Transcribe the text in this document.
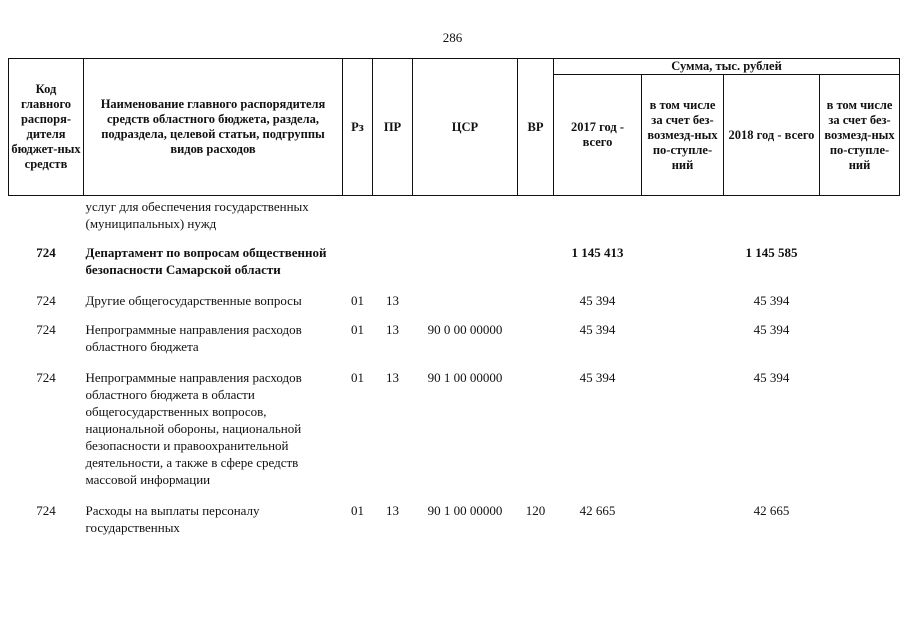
286
Код главного распоря-дителя бюджет-ных средств	Наименование главного распорядителя средств областного бюджета, раздела, подраздела, целевой статьи, подгруппы видов расходов	Рз	ПР	ЦСР	ВР	Сумма, тыс. рублей			
						2017 год - всего	в том числе за счет без-возмезд-ных по-ступле-ний	2018 год - всего	в том числе за счет без-возмезд-ных по-ступле-ний
	услуг для обеспечения государственных (муниципальных) нужд								
724	Департамент по вопросам общественной безопасности Самарской области					1 145 413		1 145 585	
724	Другие общегосударственные вопросы	01	13			45 394		45 394	
724	Непрограммные направления расходов областного бюджета	01	13	90 0 00 00000		45 394		45 394	
724	Непрограммные направления расходов областного бюджета в области общегосударственных вопросов, национальной обороны, национальной безопасности и правоохранительной деятельности, а также в сфере средств массовой информации	01	13	90 1 00 00000		45 394		45 394	
724	Расходы на выплаты персоналу государственных	01	13	90 1 00 00000	120	42 665		42 665	
